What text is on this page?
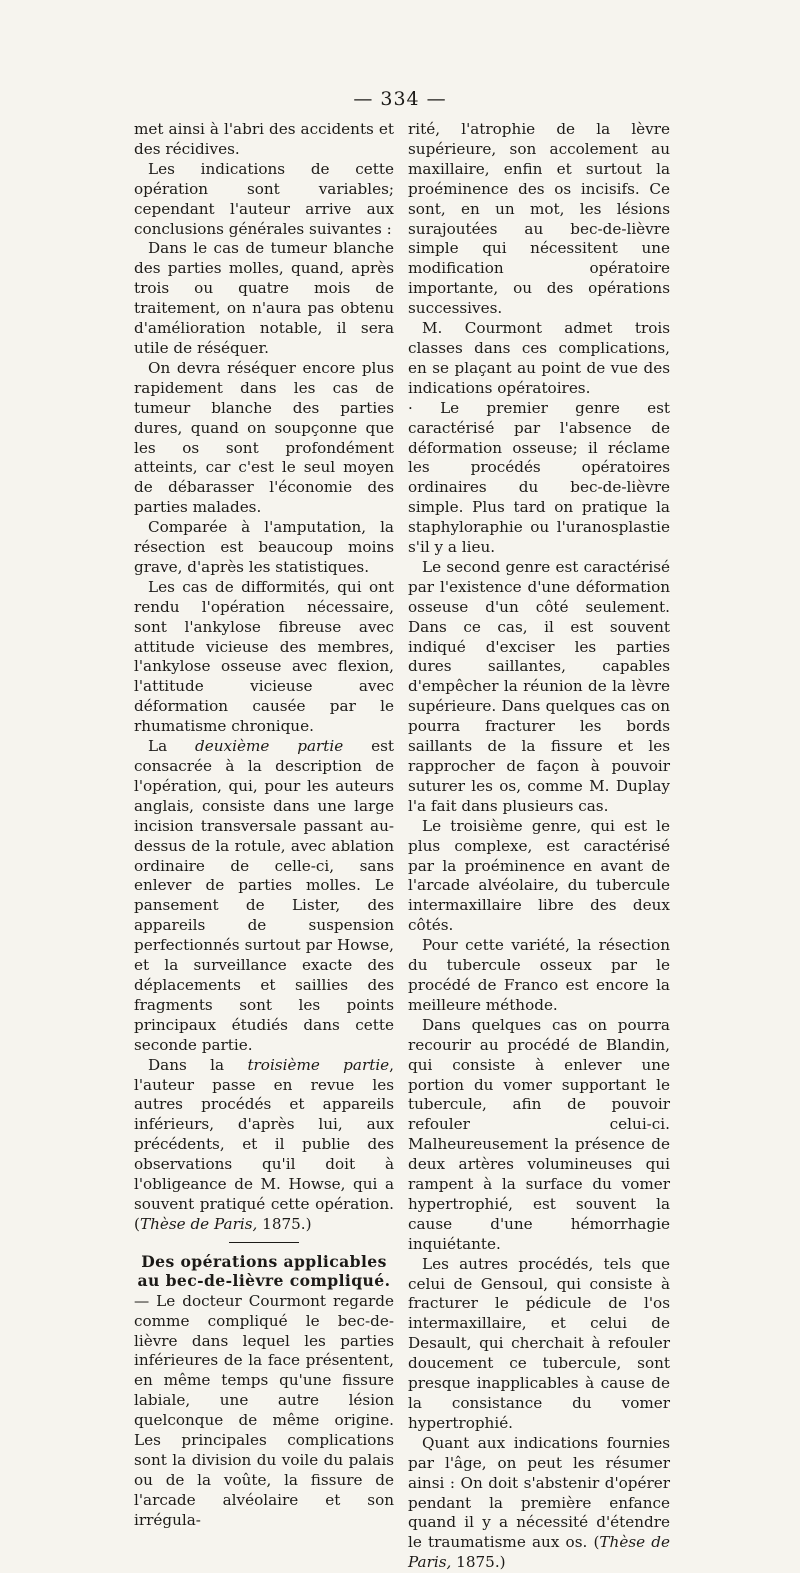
— 334 —

met ainsi à l'abri des accidents et des récidives.

Les indications de cette opération sont variables; cependant l'auteur arrive aux conclusions générales suivantes :

Dans le cas de tumeur blanche des parties molles, quand, après trois ou quatre mois de traitement, on n'aura pas obtenu d'amélioration notable, il sera utile de réséquer.

On devra réséquer encore plus rapidement dans les cas de tumeur blanche des parties dures, quand on soupçonne que les os sont profondément atteints, car c'est le seul moyen de débarasser l'économie des parties malades.

Comparée à l'amputation, la résection est beaucoup moins grave, d'après les statistiques.

Les cas de difformités, qui ont rendu l'opération nécessaire, sont l'ankylose fibreuse avec attitude vicieuse des membres, l'ankylose osseuse avec flexion, l'attitude vicieuse avec déformation causée par le rhumatisme chronique.

La deuxième partie est consacrée à la description de l'opération, qui, pour les auteurs anglais, consiste dans une large incision transversale passant au-dessus de la rotule, avec ablation ordinaire de celle-ci, sans enlever de parties molles. Le pansement de Lister, des appareils de suspension perfectionnés surtout par Howse, et la surveillance exacte des déplacements et saillies des fragments sont les points principaux étudiés dans cette seconde partie.

Dans la troisième partie, l'auteur passe en revue les autres procédés et appareils inférieurs, d'après lui, aux précédents, et il publie des observations qu'il doit à l'obligeance de M. Howse, qui a souvent pratiqué cette opération. (Thèse de Paris, 1875.)

Des opérations applicables
au bec-de-lièvre compliqué.

— Le docteur Courmont regarde comme compliqué le bec-de-lièvre dans lequel les parties inférieures de la face présentent, en même temps qu'une fissure labiale, une autre lésion quelconque de même origine. Les principales complications sont la division du voile du palais ou de la voûte, la fissure de l'arcade alvéolaire et son irrégula-

rité, l'atrophie de la lèvre supérieure, son accolement au maxillaire, enfin et surtout la proéminence des os incisifs. Ce sont, en un mot, les lésions surajoutées au bec-de-lièvre simple qui nécessitent une modification opératoire importante, ou des opérations successives.

M. Courmont admet trois classes dans ces complications, en se plaçant au point de vue des indications opératoires.

· Le premier genre est caractérisé par l'absence de déformation osseuse; il réclame les procédés opératoires ordinaires du bec-de-lièvre simple. Plus tard on pratique la staphyloraphie ou l'uranosplastie s'il y a lieu.

Le second genre est caractérisé par l'existence d'une déformation osseuse d'un côté seulement. Dans ce cas, il est souvent indiqué d'exciser les parties dures saillantes, capables d'empêcher la réunion de la lèvre supérieure. Dans quelques cas on pourra fracturer les bords saillants de la fissure et les rapprocher de façon à pouvoir suturer les os, comme M. Duplay l'a fait dans plusieurs cas.

Le troisième genre, qui est le plus complexe, est caractérisé par la proéminence en avant de l'arcade alvéolaire, du tubercule intermaxillaire libre des deux côtés.

Pour cette variété, la résection du tubercule osseux par le procédé de Franco est encore la meilleure méthode.

Dans quelques cas on pourra recourir au procédé de Blandin, qui consiste à enlever une portion du vomer supportant le tubercule, afin de pouvoir refouler celui-ci. Malheureusement la présence de deux artères volumineuses qui rampent à la surface du vomer hypertrophié, est souvent la cause d'une hémorrhagie inquiétante.

Les autres procédés, tels que celui de Gensoul, qui consiste à fracturer le pédicule de l'os intermaxillaire, et celui de Desault, qui cherchait à refouler doucement ce tubercule, sont presque inapplicables à cause de la consistance du vomer hypertrophié.

Quant aux indications fournies par l'âge, on peut les résumer ainsi : On doit s'abstenir d'opérer pendant la première enfance quand il y a nécessité d'étendre le traumatisme aux os. (Thèse de Paris, 1875.)
